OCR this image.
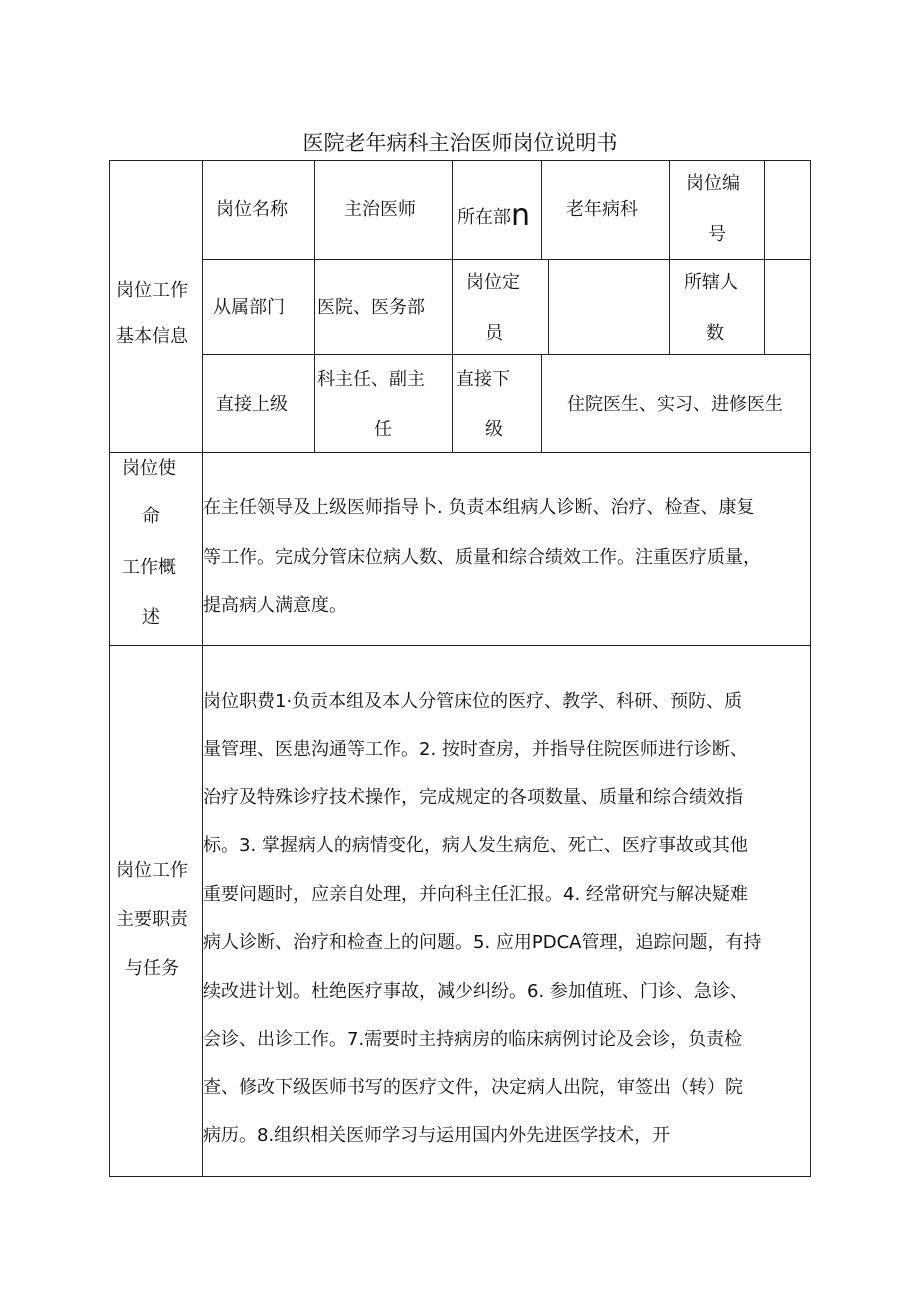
医院老年病科主治医师岗位说明书
岗位工作
基本信息
岗位名称	主治医师 所在部n 老年病科
岗位编
号
从属部门 医院、医务部
岗位定
员
所辖人
数
直接上级
科主任、副主
任
直接下
级
住院医生、实习、进修医生
岗位使
命
工作概
述
在主任领导及上级医师指导卜. 负责本组病人诊断、治疗、检查、康复
等工作。完成分管床位病人数、质量和综合绩效工作。注重医疗质量，
提高病人满意度。
岗位工作
主要职责
与任务
岗位职费1·负贡本组及本人分管床位的医疗、教学、科研、预防、质
量管理、医患沟通等工作。2. 按时查房，并指导住院医师进行诊断、
治疗及特殊诊疗技术操作，完成规定的各项数量、质量和综合绩效指
标。3. 掌握病人的病情变化，病人发生病危、死亡、医疗事故或其他
重要问题时，应亲自处理，并向科主任汇报。4. 经常研究与解决疑难
病人诊断、治疗和检查上的问题。5. 应用PDCA管理，追踪问题，有持
续改进计划。杜绝医疗事故，减少纠纷。6. 参加值班、门诊、急诊、
会诊、出诊工作。7.需要时主持病房的临床病例讨论及会诊，负责检
查、修改下级医师书写的医疗文件，决定病人出院，审签出（转）院
病历。8.组织相关医师学习与运用国内外先进医学技术，开
